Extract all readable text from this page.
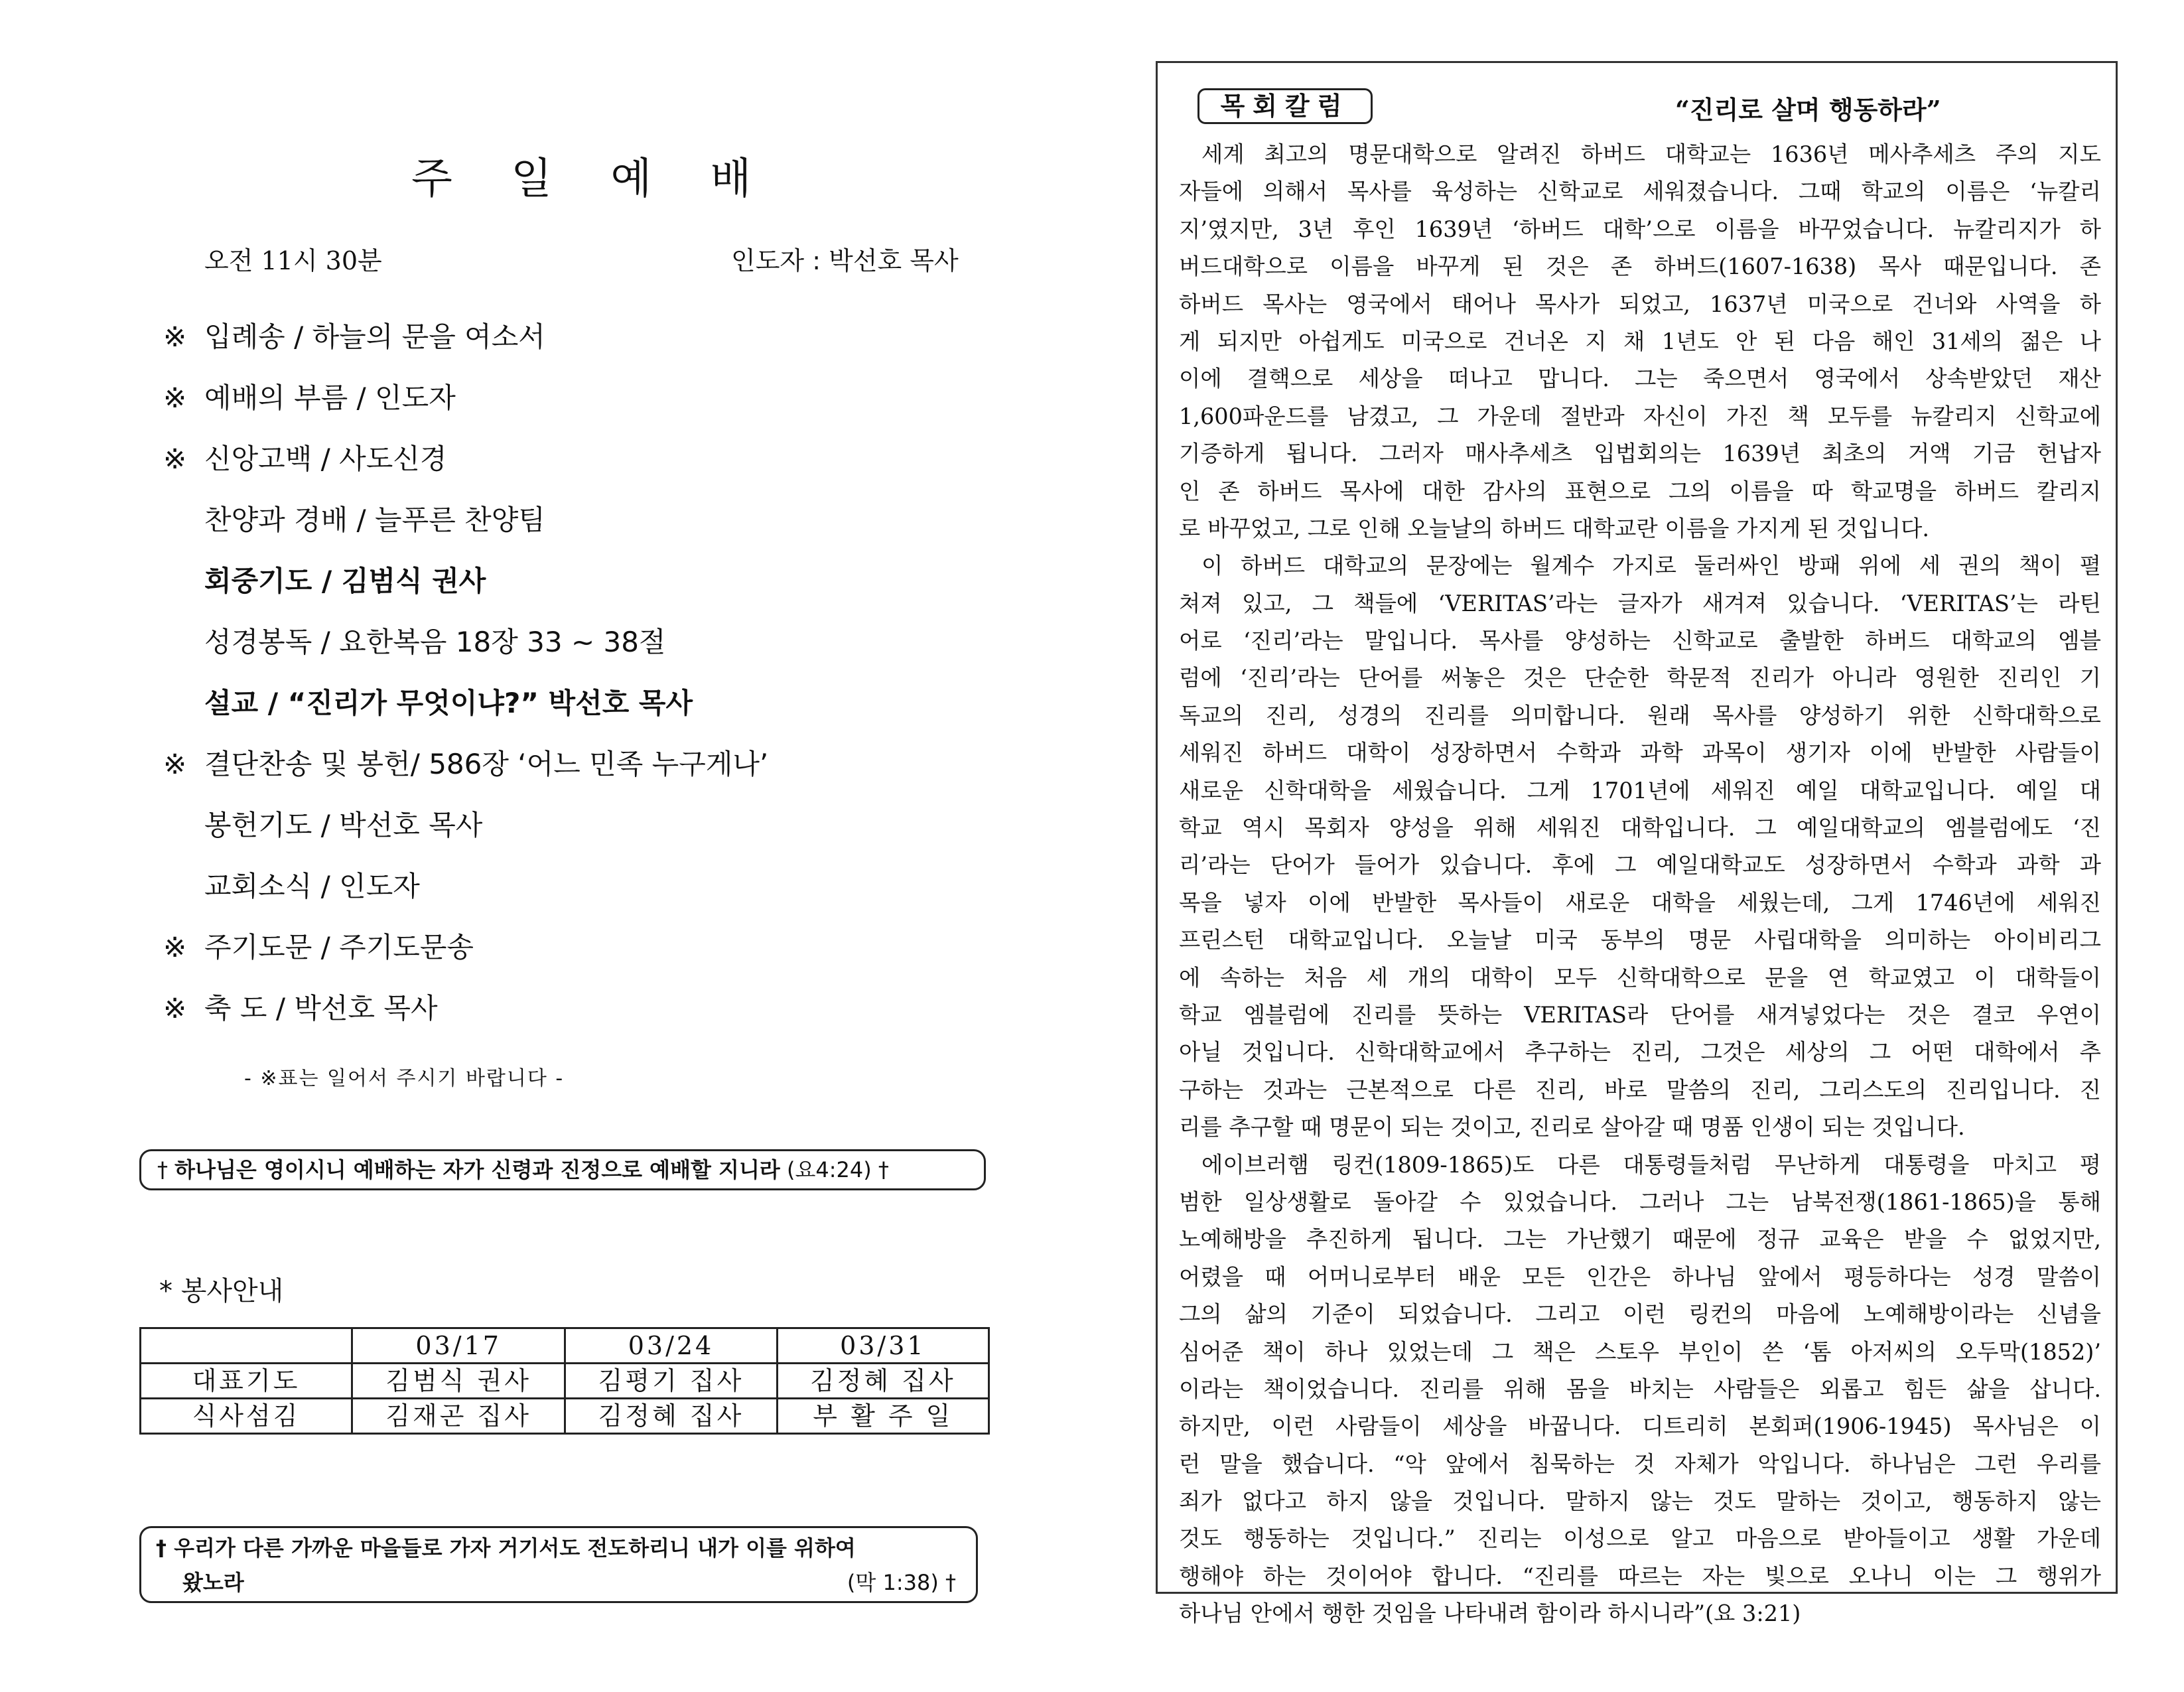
주 일 예 배
오전 11시 30분	인도자 : 박선호 목사
※ 입례송 / 하늘의 문을 여소서
※ 예배의 부름 / 인도자
※ 신앙고백 / 사도신경
찬양과 경배 / 늘푸른 찬양팀
회중기도 / 김범식 권사
성경봉독 / 요한복음 18장 33 ~ 38절
설교 / “진리가 무엇이냐?” 박선호 목사
※ 결단찬송 및 봉헌/ 586장 ‘어느 민족 누구게나’
봉헌기도 / 박선호 목사
교회소식 / 인도자
※ 주기도문 / 주기도문송
※ 축 도 / 박선호 목사
- ※표는 일어서 주시기 바랍니다 -
† 하나님은 영이시니 예배하는 자가 신령과 진정으로 예배할 지니라 (요4:24) †
* 봉사안내
	03/17	03/24	03/31
대표기도	김범식 권사	김평기 집사	김정혜 집사
식사섬김	김재곤 집사	김정혜 집사	부 활 주 일
† 우리가 다른 가까운 마을들로 가자 거기서도 전도하리니 내가 이를 위하여
왔노라	(막 1:38) †
목회칼럼	“진리로 살며 행동하라”
세계 최고의 명문대학으로 알려진 하버드 대학교는 1636년 메사추세츠 주의 지도
자들에 의해서 목사를 육성하는 신학교로 세워졌습니다. 그때 학교의 이름은 ‘뉴칼리
지’였지만, 3년 후인 1639년 ‘하버드 대학’으로 이름을 바꾸었습니다. 뉴칼리지가 하
버드대학으로 이름을 바꾸게 된 것은 존 하버드(1607-1638) 목사 때문입니다. 존
하버드 목사는 영국에서 태어나 목사가 되었고, 1637년 미국으로 건너와 사역을 하
게 되지만 아쉽게도 미국으로 건너온 지 채 1년도 안 된 다음 해인 31세의 젊은 나
이에 결핵으로 세상을 떠나고 맙니다. 그는 죽으면서 영국에서 상속받았던 재산
1,600파운드를 남겼고, 그 가운데 절반과 자신이 가진 책 모두를 뉴칼리지 신학교에
기증하게 됩니다. 그러자 매사추세츠 입법회의는 1639년 최초의 거액 기금 헌납자
인 존 하버드 목사에 대한 감사의 표현으로 그의 이름을 따 학교명을 하버드 칼리지
로 바꾸었고, 그로 인해 오늘날의 하버드 대학교란 이름을 가지게 된 것입니다.
이 하버드 대학교의 문장에는 월계수 가지로 둘러싸인 방패 위에 세 권의 책이 펼
쳐져 있고, 그 책들에 ‘VERITAS’라는 글자가 새겨져 있습니다. ‘VERITAS’는 라틴
어로 ‘진리’라는 말입니다. 목사를 양성하는 신학교로 출발한 하버드 대학교의 엠블
럼에 ‘진리’라는 단어를 써놓은 것은 단순한 학문적 진리가 아니라 영원한 진리인 기
독교의 진리, 성경의 진리를 의미합니다. 원래 목사를 양성하기 위한 신학대학으로
세워진 하버드 대학이 성장하면서 수학과 과학 과목이 생기자 이에 반발한 사람들이
새로운 신학대학을 세웠습니다. 그게 1701년에 세워진 예일 대학교입니다. 예일 대
학교 역시 목회자 양성을 위해 세워진 대학입니다. 그 예일대학교의 엠블럼에도 ‘진
리’라는 단어가 들어가 있습니다. 후에 그 예일대학교도 성장하면서 수학과 과학 과
목을 넣자 이에 반발한 목사들이 새로운 대학을 세웠는데, 그게 1746년에 세워진
프린스턴 대학교입니다. 오늘날 미국 동부의 명문 사립대학을 의미하는 아이비리그
에 속하는 처음 세 개의 대학이 모두 신학대학으로 문을 연 학교였고 이 대학들이
학교 엠블럼에 진리를 뜻하는 VERITAS라 단어를 새겨넣었다는 것은 결코 우연이
아닐 것입니다. 신학대학교에서 추구하는 진리, 그것은 세상의 그 어떤 대학에서 추
구하는 것과는 근본적으로 다른 진리, 바로 말씀의 진리, 그리스도의 진리입니다. 진
리를 추구할 때 명문이 되는 것이고, 진리로 살아갈 때 명품 인생이 되는 것입니다.
에이브러햄 링컨(1809-1865)도 다른 대통령들처럼 무난하게 대통령을 마치고 평
범한 일상생활로 돌아갈 수 있었습니다. 그러나 그는 남북전쟁(1861-1865)을 통해
노예해방을 추진하게 됩니다. 그는 가난했기 때문에 정규 교육은 받을 수 없었지만,
어렸을 때 어머니로부터 배운 모든 인간은 하나님 앞에서 평등하다는 성경 말씀이
그의 삶의 기준이 되었습니다. 그리고 이런 링컨의 마음에 노예해방이라는 신념을
심어준 책이 하나 있었는데 그 책은 스토우 부인이 쓴 ‘톰 아저씨의 오두막(1852)’
이라는 책이었습니다. 진리를 위해 몸을 바치는 사람들은 외롭고 힘든 삶을 삽니다.
하지만, 이런 사람들이 세상을 바꿉니다. 디트리히 본회퍼(1906-1945) 목사님은 이
런 말을 했습니다. “악 앞에서 침묵하는 것 자체가 악입니다. 하나님은 그런 우리를
죄가 없다고 하지 않을 것입니다. 말하지 않는 것도 말하는 것이고, 행동하지 않는
것도 행동하는 것입니다.” 진리는 이성으로 알고 마음으로 받아들이고 생활 가운데
행해야 하는 것이어야 합니다. “진리를 따르는 자는 빛으로 오나니 이는 그 행위가
하나님 안에서 행한 것임을 나타내려 함이라 하시니라”(요 3:21)
